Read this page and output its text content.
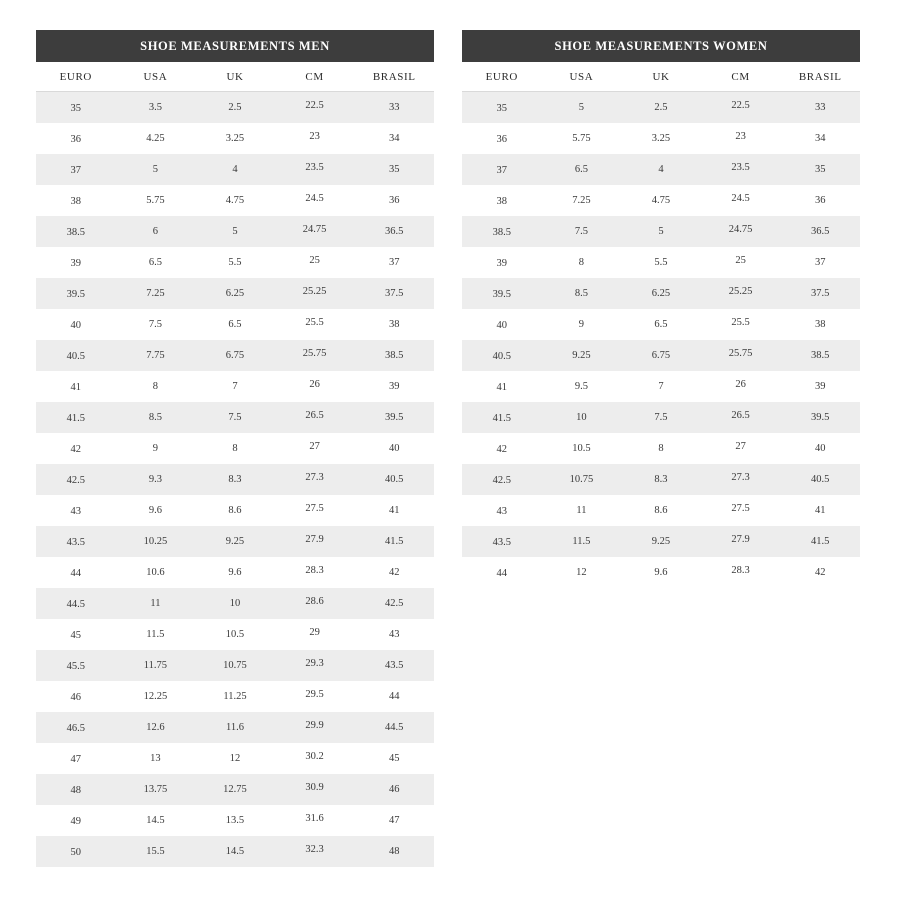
SHOE MEASUREMENTS MEN
EURO	USA	UK	CM	BRASIL
35	3.5	2.5	22.5	33
36	4.25	3.25	23	34
37	5	4	23.5	35
38	5.75	4.75	24.5	36
38.5	6	5	24.75	36.5
39	6.5	5.5	25	37
39.5	7.25	6.25	25.25	37.5
40	7.5	6.5	25.5	38
40.5	7.75	6.75	25.75	38.5
41	8	7	26	39
41.5	8.5	7.5	26.5	39.5
42	9	8	27	40
42.5	9.3	8.3	27.3	40.5
43	9.6	8.6	27.5	41
43.5	10.25	9.25	27.9	41.5
44	10.6	9.6	28.3	42
44.5	11	10	28.6	42.5
45	11.5	10.5	29	43
45.5	11.75	10.75	29.3	43.5
46	12.25	11.25	29.5	44
46.5	12.6	11.6	29.9	44.5
47	13	12	30.2	45
48	13.75	12.75	30.9	46
49	14.5	13.5	31.6	47
50	15.5	14.5	32.3	48
SHOE MEASUREMENTS WOMEN
EURO	USA	UK	CM	BRASIL
35	5	2.5	22.5	33
36	5.75	3.25	23	34
37	6.5	4	23.5	35
38	7.25	4.75	24.5	36
38.5	7.5	5	24.75	36.5
39	8	5.5	25	37
39.5	8.5	6.25	25.25	37.5
40	9	6.5	25.5	38
40.5	9.25	6.75	25.75	38.5
41	9.5	7	26	39
41.5	10	7.5	26.5	39.5
42	10.5	8	27	40
42.5	10.75	8.3	27.3	40.5
43	11	8.6	27.5	41
43.5	11.5	9.25	27.9	41.5
44	12	9.6	28.3	42
